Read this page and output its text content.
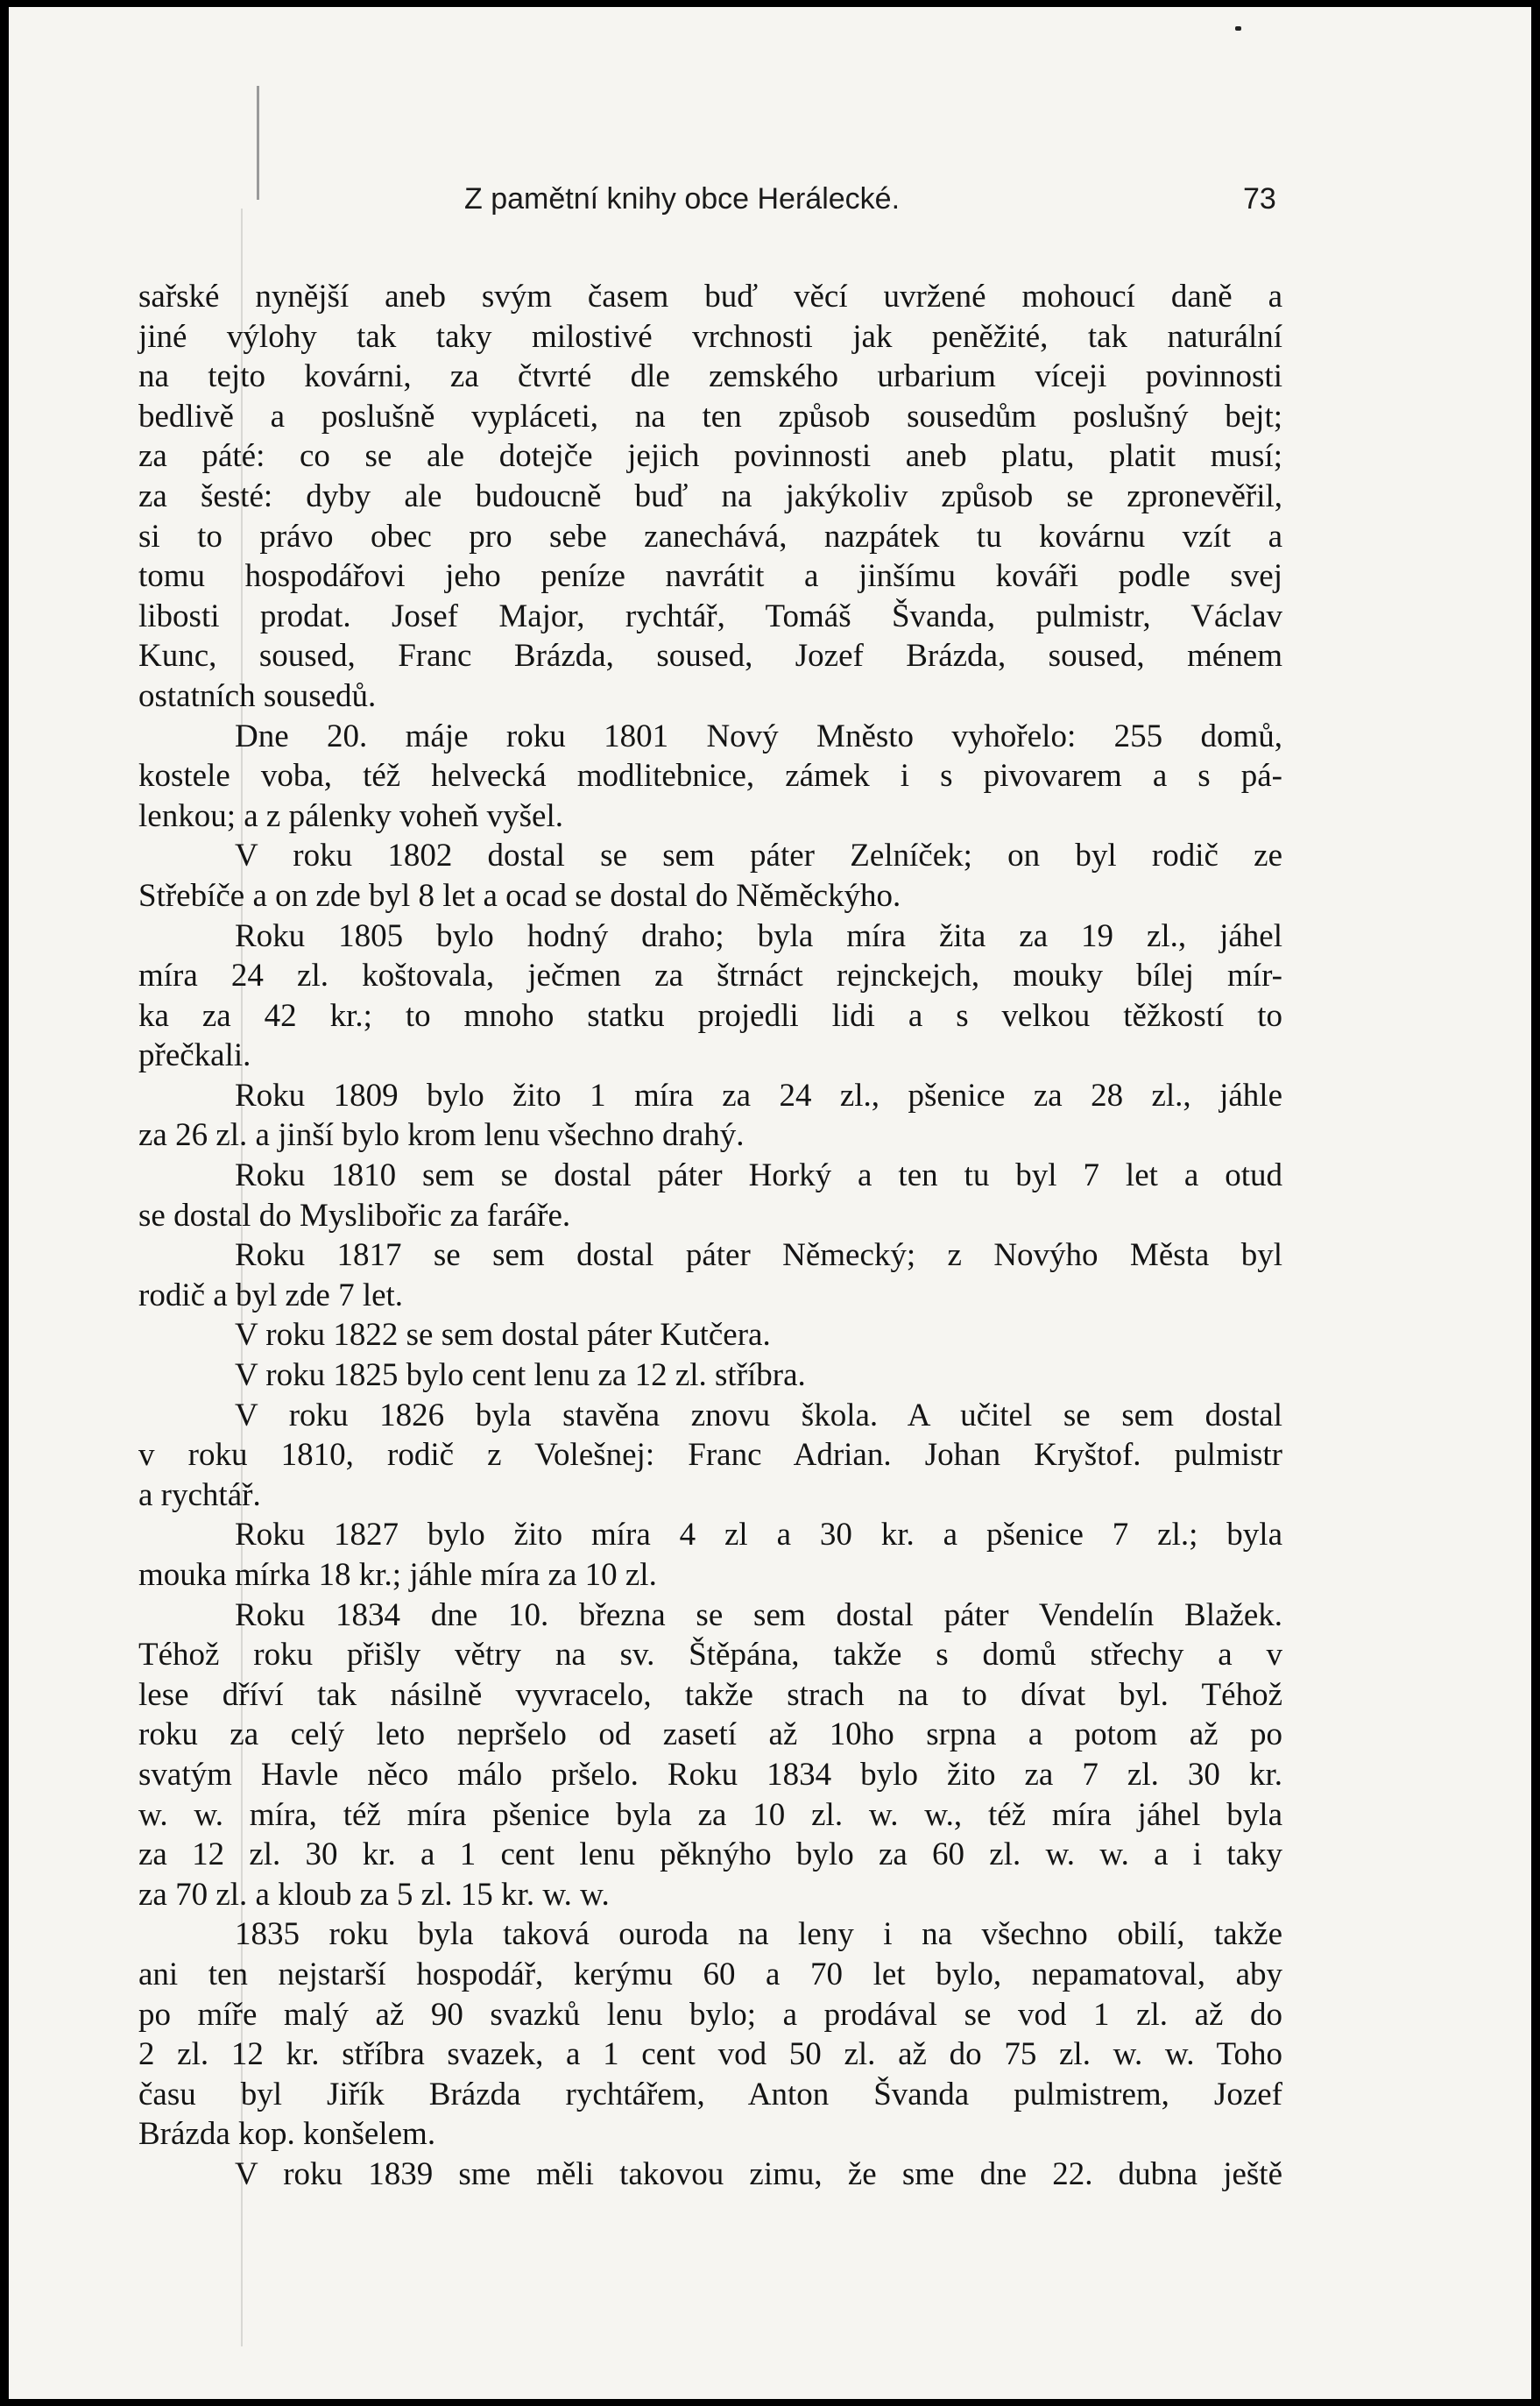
Z pamětní knihy obce Herálecké.	73
sařské nynější aneb svým časem buď věcí uvržené mohoucí daně a
jiné výlohy tak taky milostivé vrchnosti jak peněžité, tak naturální
na tejto kovárni, za čtvrté dle zemského urbarium víceji povinnosti
bedlivě a poslušně vypláceti, na ten způsob sousedům poslušný bejt;
za páté: co se ale dotejče jejich povinnosti aneb platu, platit musí;
za šesté: dyby ale budoucně buď na jakýkoliv způsob se zpronevěřil,
si to právo obec pro sebe zanechává, nazpátek tu kovárnu vzít a
tomu hospodářovi jeho peníze navrátit a jinšímu kováři podle svej
libosti prodat. Josef Major, rychtář, Tomáš Švanda, pulmistr, Václav
Kunc, soused, Franc Brázda, soused, Jozef Brázda, soused, ménem
ostatních sousedů.
Dne 20. máje roku 1801 Nový Mněsto vyhořelo: 255 domů,
kostele voba, též helvecká modlitebnice, zámek i s pivovarem a s pá-
lenkou; a z pálenky voheň vyšel.
V roku 1802 dostal se sem páter Zelníček; on byl rodič ze
Střebíče a on zde byl 8 let a ocad se dostal do Něměckýho.
Roku 1805 bylo hodný draho; byla míra žita za 19 zl., jáhel
míra 24 zl. koštovala, ječmen za štrnáct rejnckejch, mouky bílej mír-
ka za 42 kr.; to mnoho statku projedli lidi a s velkou těžkostí to
přečkali.
Roku 1809 bylo žito 1 míra za 24 zl., pšenice za 28 zl., jáhle
za 26 zl. a jinší bylo krom lenu všechno drahý.
Roku 1810 sem se dostal páter Horký a ten tu byl 7 let a otud
se dostal do Myslibořic za faráře.
Roku 1817 se sem dostal páter Německý; z Novýho Města byl
rodič a byl zde 7 let.
V roku 1822 se sem dostal páter Kutčera.
V roku 1825 bylo cent lenu za 12 zl. stříbra.
V roku 1826 byla stavěna znovu škola. A učitel se sem dostal
v roku 1810, rodič z Volešnej: Franc Adrian. Johan Kryštof. pulmistr
a rychtář.
Roku 1827 bylo žito míra 4 zl a 30 kr. a pšenice 7 zl.; byla
mouka mírka 18 kr.; jáhle míra za 10 zl.
Roku 1834 dne 10. března se sem dostal páter Vendelín Blažek.
Téhož roku přišly větry na sv. Štěpána, takže s domů střechy a v
lese dříví tak násilně vyvracelo, takže strach na to dívat byl. Téhož
roku za celý leto nepršelo od zasetí až 10ho srpna a potom až po
svatým Havle něco málo pršelo. Roku 1834 bylo žito za 7 zl. 30 kr.
w. w. míra, též míra pšenice byla za 10 zl. w. w., též míra jáhel byla
za 12 zl. 30 kr. a 1 cent lenu pěknýho bylo za 60 zl. w. w. a i taky
za 70 zl. a kloub za 5 zl. 15 kr. w. w.
1835 roku byla taková ouroda na leny i na všechno obilí, takže
ani ten nejstarší hospodář, kerýmu 60 a 70 let bylo, nepamatoval, aby
po míře malý až 90 svazků lenu bylo; a prodával se vod 1 zl. až do
2 zl. 12 kr. stříbra svazek, a 1 cent vod 50 zl. až do 75 zl. w. w. Toho
času byl Jiřík Brázda rychtářem, Anton Švanda pulmistrem, Jozef
Brázda kop. konšelem.
V roku 1839 sme měli takovou zimu, že sme dne 22. dubna ještě
